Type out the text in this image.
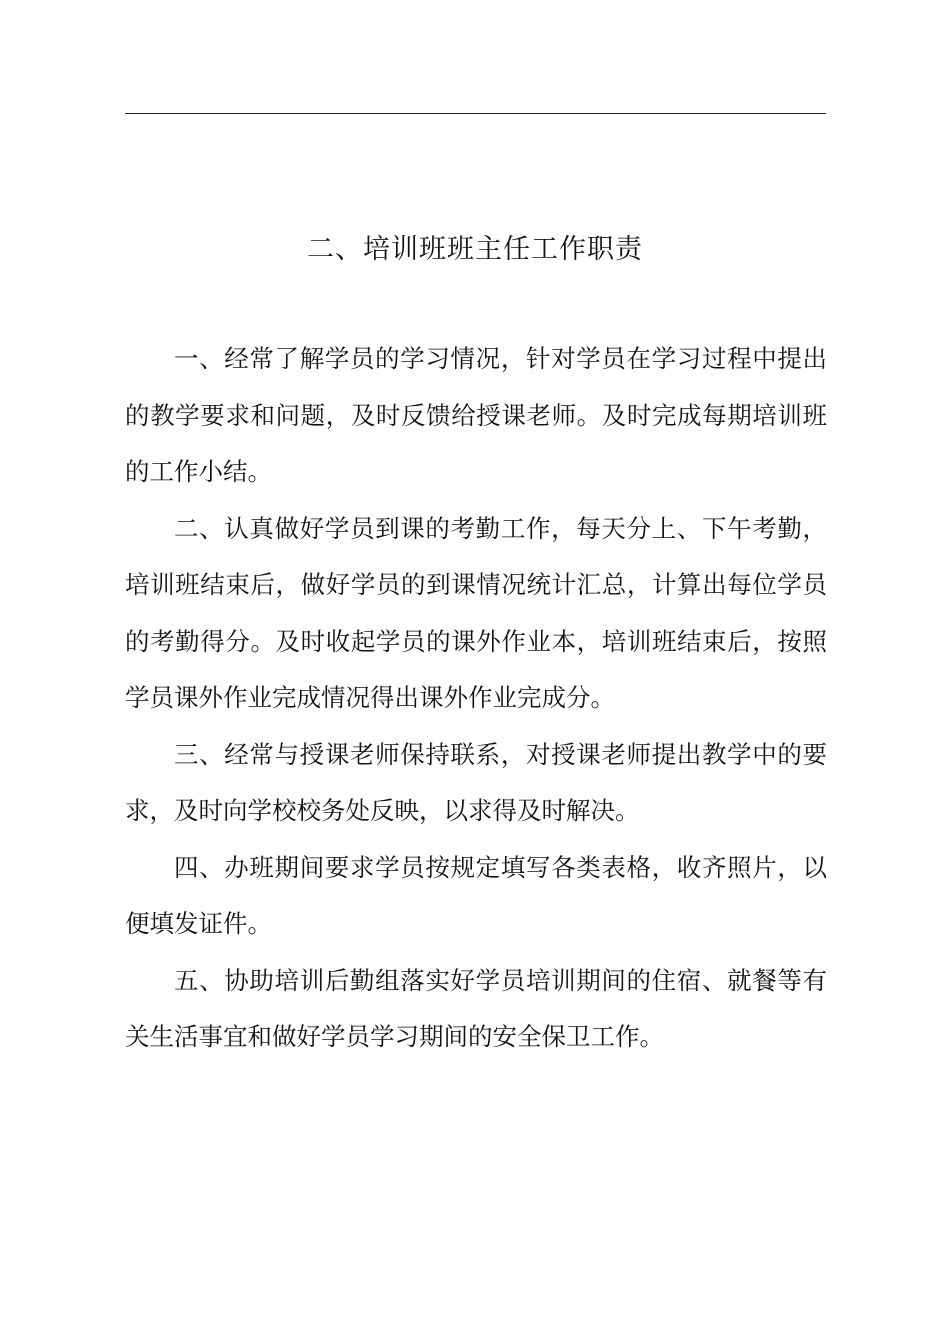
二、培训班班主任工作职责

一、经常了解学员的学习情况，针对学员在学习过程中提出的教学要求和问题，及时反馈给授课老师。及时完成每期培训班的工作小结。

二、认真做好学员到课的考勤工作，每天分上、下午考勤，培训班结束后，做好学员的到课情况统计汇总，计算出每位学员的考勤得分。及时收起学员的课外作业本，培训班结束后，按照学员课外作业完成情况得出课外作业完成分。

三、经常与授课老师保持联系，对授课老师提出教学中的要求，及时向学校校务处反映，以求得及时解决。

四、办班期间要求学员按规定填写各类表格，收齐照片，以便填发证件。

五、协助培训后勤组落实好学员培训期间的住宿、就餐等有关生活事宜和做好学员学习期间的安全保卫工作。
